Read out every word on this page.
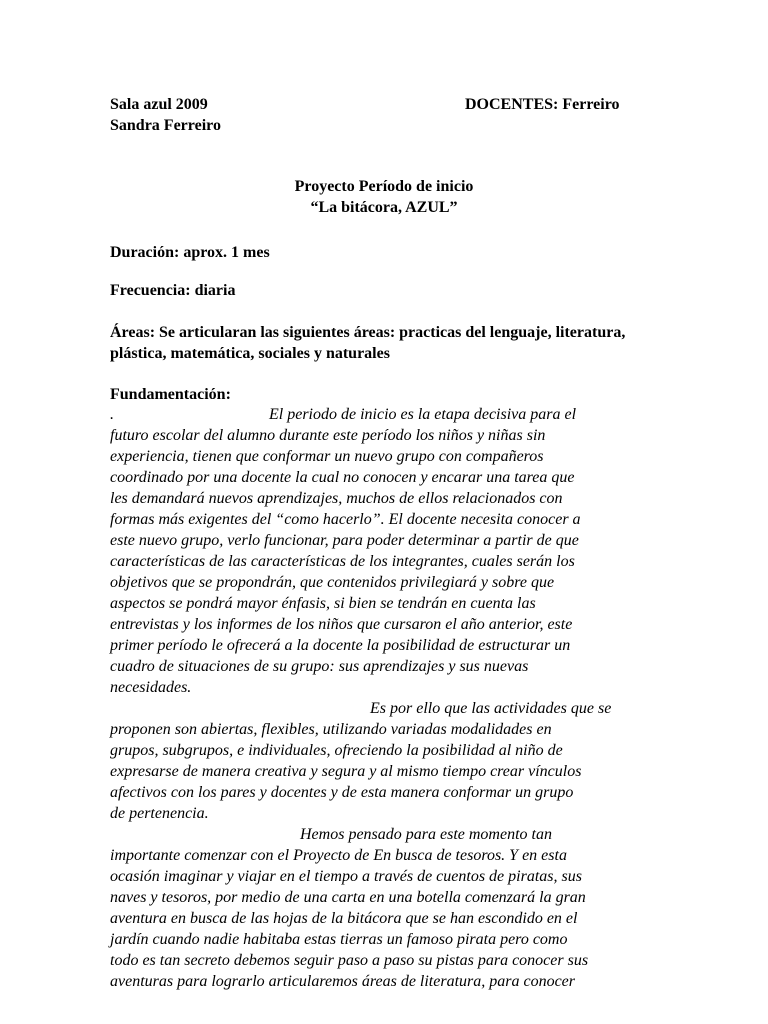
Sala azul 2009
Sandra Ferreiro
DOCENTES: Ferreiro
Proyecto Período de inicio
“La bitácora, AZUL”
Duración: aprox. 1 mes
Frecuencia: diaria
Áreas: Se articularan las siguientes áreas: practicas del lenguaje, literatura,
plástica, matemática, sociales y naturales
Fundamentación:
.	El periodo de inicio es la etapa decisiva para el
futuro escolar del alumno durante este período los niños y niñas sin
experiencia, tienen que conformar un nuevo grupo con compañeros
coordinado por una docente la cual no conocen y encarar una tarea que
les demandará nuevos aprendizajes, muchos de ellos relacionados con
formas más exigentes del “como hacerlo”. El docente necesita conocer a
este nuevo grupo, verlo funcionar, para poder determinar a partir de que
características de las características de los integrantes, cuales serán los
objetivos que se propondrán, que contenidos privilegiará y sobre que
aspectos se pondrá mayor énfasis, si bien se tendrán en cuenta las
entrevistas y los informes de los niños que cursaron el año anterior, este
primer período le ofrecerá a la docente la posibilidad de estructurar un
cuadro de situaciones de su grupo: sus aprendizajes y sus nuevas
necesidades.
Es por ello que las actividades que se
proponen son abiertas, flexibles, utilizando variadas modalidades en
grupos, subgrupos, e individuales, ofreciendo la posibilidad al niño de
expresarse de manera creativa y segura y al mismo tiempo crear vínculos
afectivos con los pares y docentes y de esta manera conformar un grupo
de pertenencia.
Hemos pensado para este momento tan
importante comenzar con el Proyecto de En busca de tesoros. Y en esta
ocasión imaginar y viajar en el tiempo a través de cuentos de piratas, sus
naves y tesoros, por medio de una carta en una botella comenzará la gran
aventura en busca de las hojas de la bitácora que se han escondido en el
jardín cuando nadie habitaba estas tierras un famoso pirata pero como
todo es tan secreto debemos seguir paso a paso su pistas para conocer sus
aventuras para lograrlo articularemos áreas de literatura, para conocer
